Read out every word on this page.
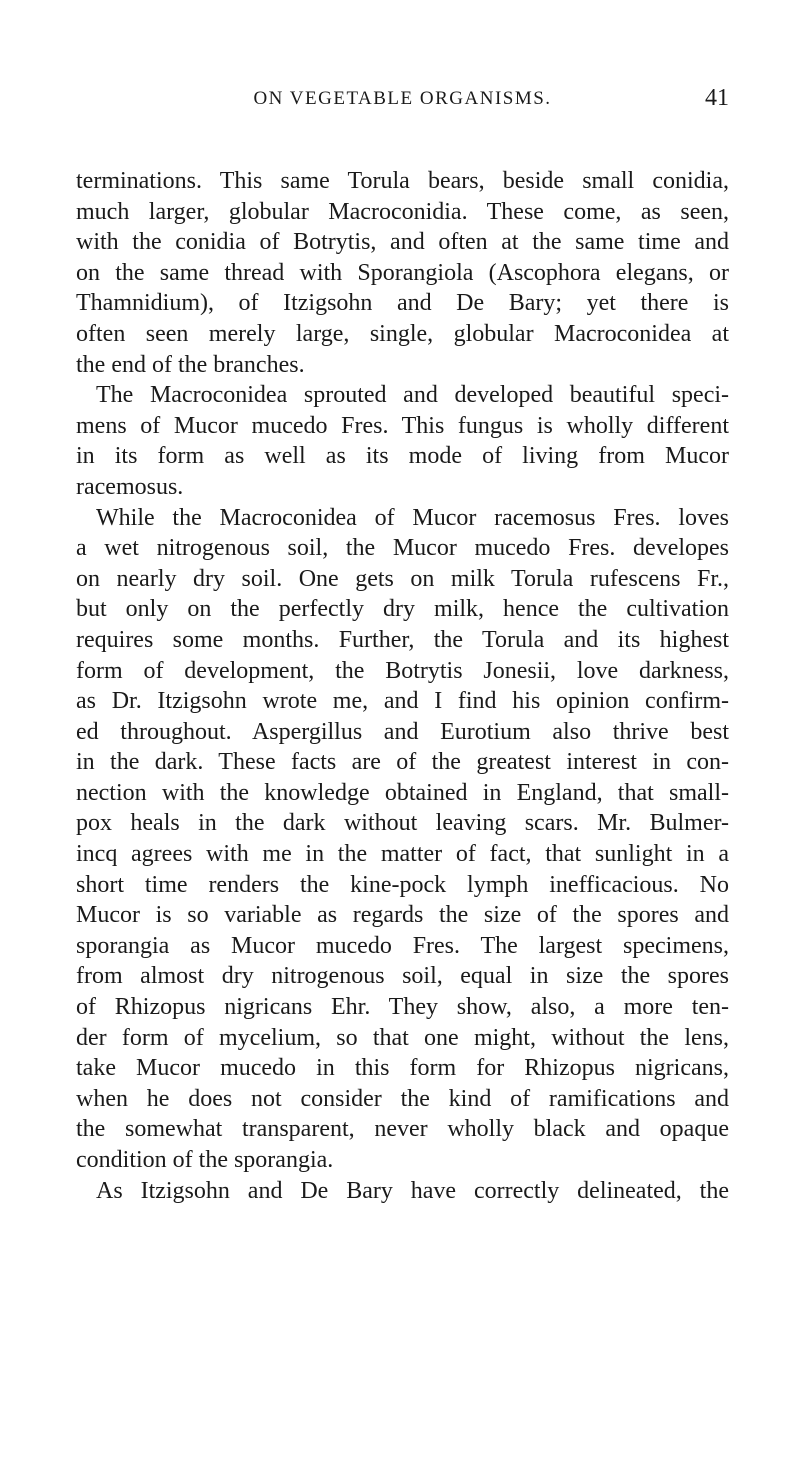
ON VEGETABLE ORGANISMS.	41
terminations. This same Torula bears, beside small conidia,
much larger, globular Macroconidia. These come, as seen,
with the conidia of Botrytis, and often at the same time and
on the same thread with Sporangiola (Ascophora elegans, or
Thamnidium), of Itzigsohn and De Bary; yet there is
often seen merely large, single, globular Macroconidea at
the end of the branches.
The Macroconidea sprouted and developed beautiful speci-
mens of Mucor mucedo Fres. This fungus is wholly different
in its form as well as its mode of living from Mucor
racemosus.
While the Macroconidea of Mucor racemosus Fres. loves
a wet nitrogenous soil, the Mucor mucedo Fres. developes
on nearly dry soil. One gets on milk Torula rufescens Fr.,
but only on the perfectly dry milk, hence the cultivation
requires some months. Further, the Torula and its highest
form of development, the Botrytis Jonesii, love darkness,
as Dr. Itzigsohn wrote me, and I find his opinion confirm-
ed throughout. Aspergillus and Eurotium also thrive best
in the dark. These facts are of the greatest interest in con-
nection with the knowledge obtained in England, that small-
pox heals in the dark without leaving scars. Mr. Bulmer-
incq agrees with me in the matter of fact, that sunlight in a
short time renders the kine-pock lymph inefficacious. No
Mucor is so variable as regards the size of the spores and
sporangia as Mucor mucedo Fres. The largest specimens,
from almost dry nitrogenous soil, equal in size the spores
of Rhizopus nigricans Ehr. They show, also, a more ten-
der form of mycelium, so that one might, without the lens,
take Mucor mucedo in this form for Rhizopus nigricans,
when he does not consider the kind of ramifications and
the somewhat transparent, never wholly black and opaque
condition of the sporangia.
As Itzigsohn and De Bary have correctly delineated, the
